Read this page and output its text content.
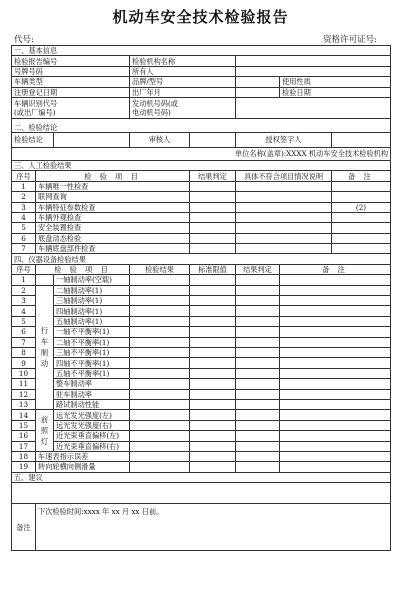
机动车安全技术检验报告
代号:	资格许可证号:
一、基本信息							
检验报告编号			检验机构名称				
号牌号码			所有人				
车辆类型			品牌/型号			使用性质	
注册登记日期			出厂年月			检验日期	
车辆识别代号
(或出厂编号)			发动机号码(或
电动机号码)				
二、检验结论							
检验结论			审核人		授权签字人		
单位名称(盖章):XXXX 机动车安全技术检验机构							
三、人工检验结果							
序号	检 验 项 目			结果判定	具体不符合项目情况说明		备 注
1	车辆唯一性检查						
2	联网查询						
3	车辆特征参数检查						(2)
4	车辆外观检查						
5	安全装置检查						
6	底盘动态检验						
7	车辆底盘部件检查						
四、仪器设备检验结果							
序号	检 验 项 目		检验结果	标准限值	结果判定	备 注	
1		一轴制动率(空载)					
2	行车制动	二轴制动率(1)					
3		三轴制动率(1)					
4		四轴制动率(1)					
5		五轴制动率(1)					
6		一轴不平衡率(1)					
7		二轴不平衡率(1)					
8		三轴不平衡率(1)					
9		四轴不平衡率(1)					
10		五轴不平衡率(1)					
11		整车制动率					
12		驻车制动率					
13		路试制动性能					
14	前照灯	远光发光强度(左)					
15		远光发光强度(右)					
16		近光束垂直偏移(左)					
17		近光束垂直偏移(右)					
18	车速表指示误差						
19	转向轮横向侧滑量						
五、建议							

备注	下次检验时间:xxxx 年 xx 月 xx 日前。						
